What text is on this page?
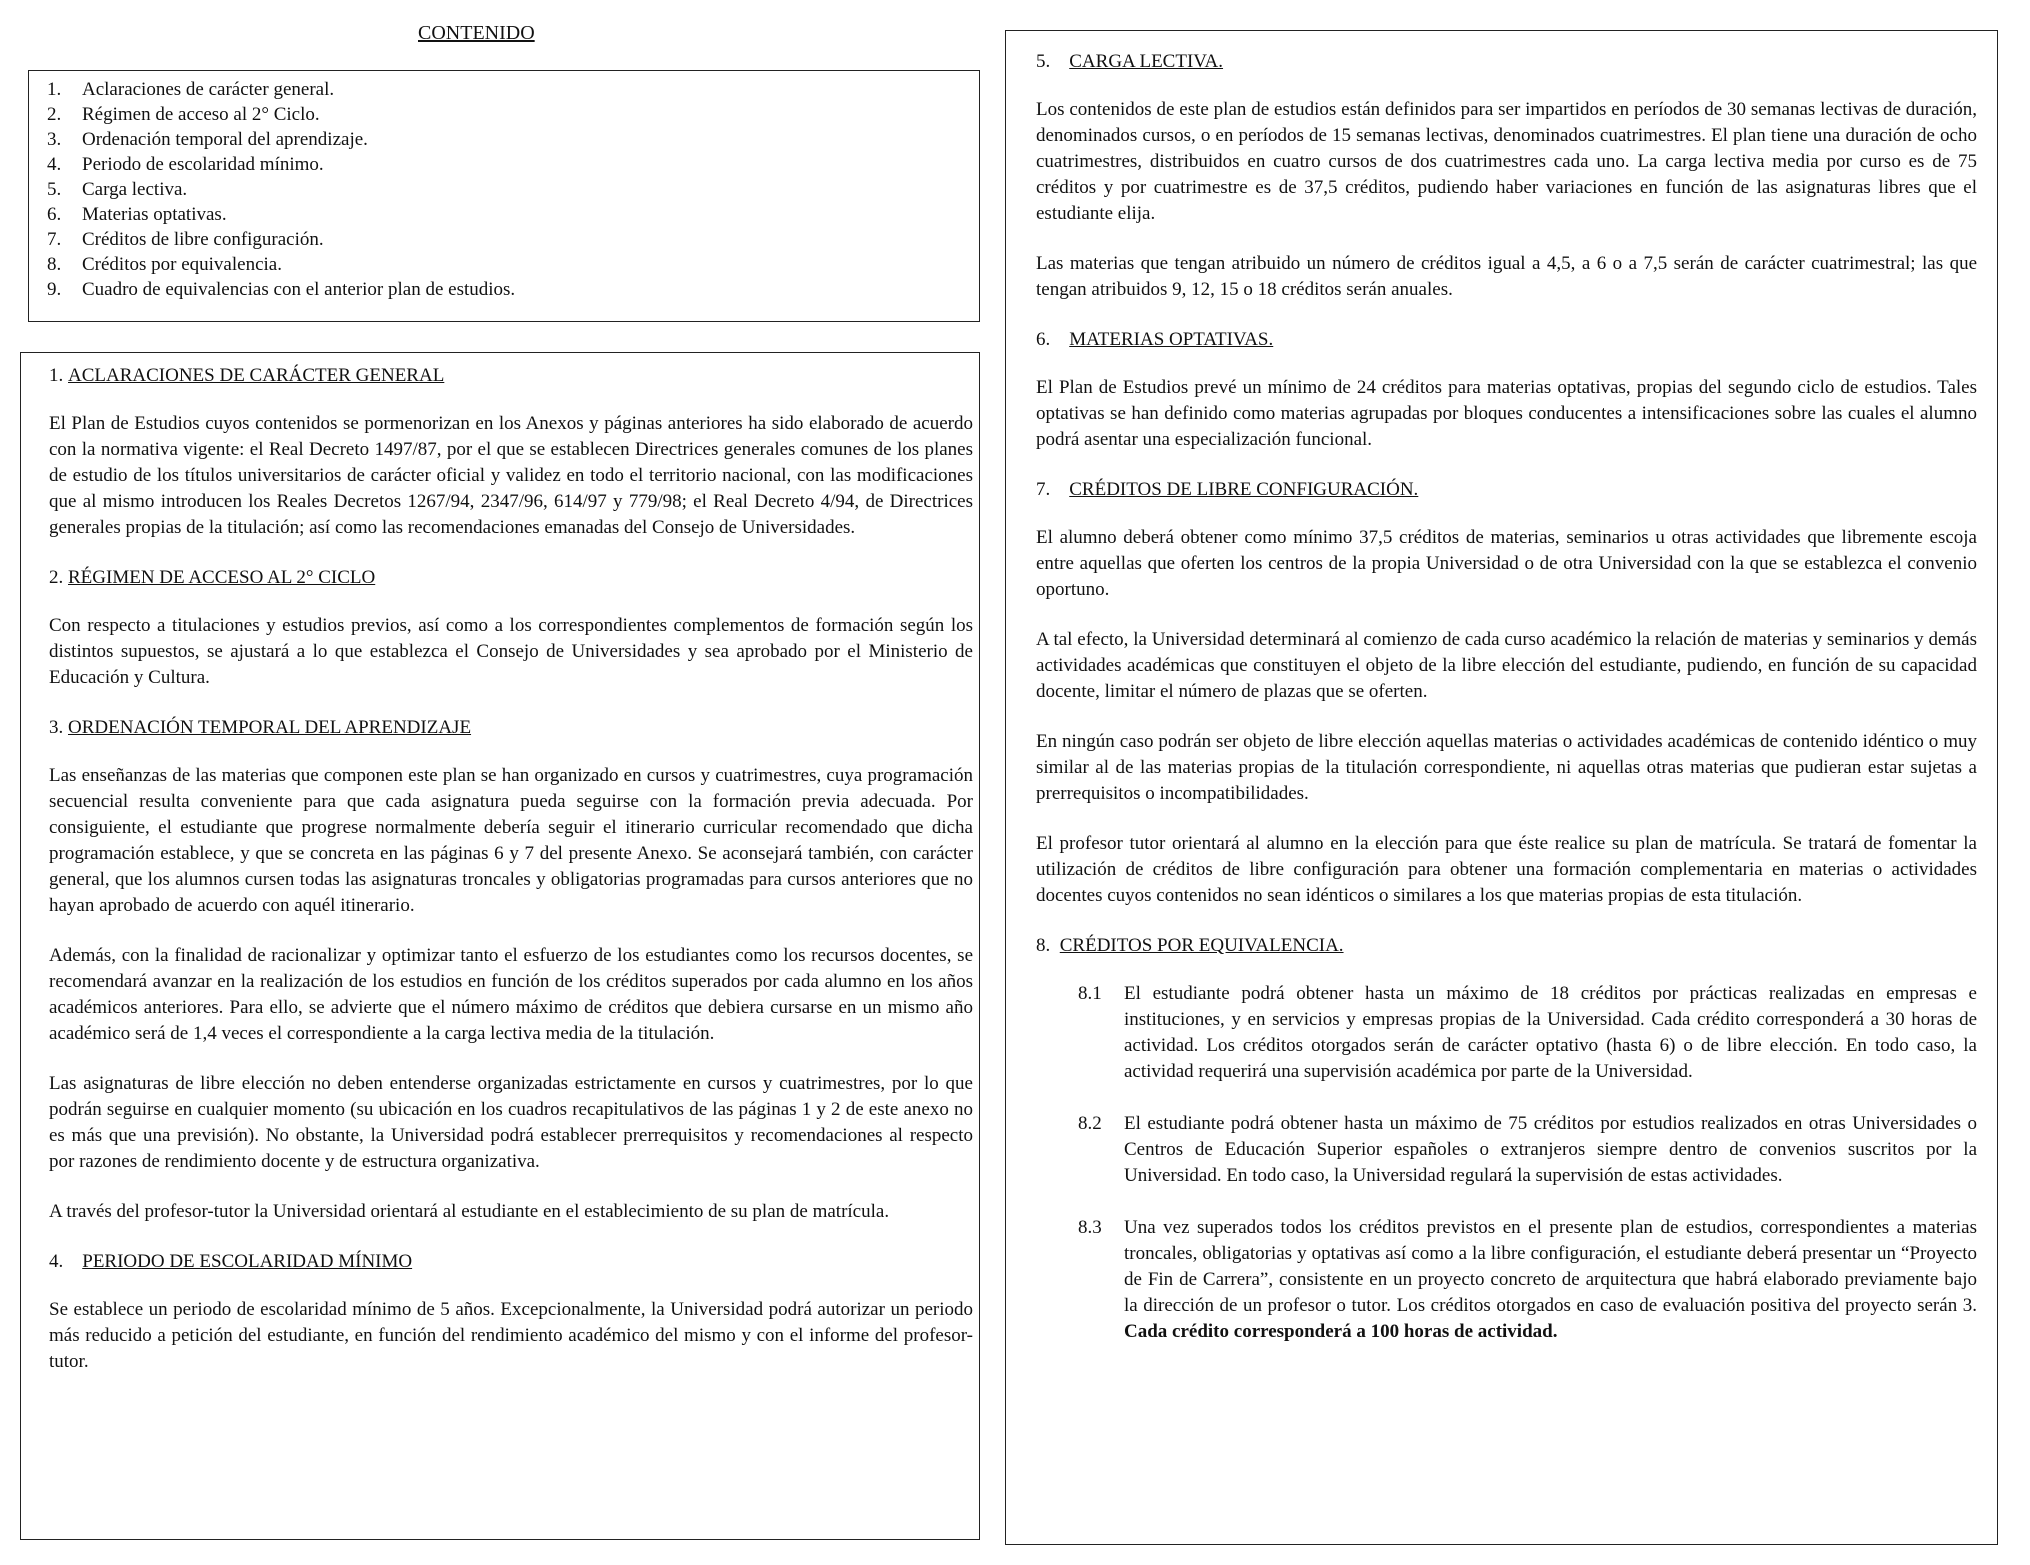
CONTENIDO
1.	Aclaraciones de carácter general.
2.	Régimen de acceso al 2° Ciclo.
3.	Ordenación temporal del aprendizaje.
4.	Periodo de escolaridad mínimo.
5.	Carga lectiva.
6.	Materias optativas.
7.	Créditos de libre configuración.
8.	Créditos por equivalencia.
9.	Cuadro de equivalencias con el anterior plan de estudios.
1. ACLARACIONES DE CARÁCTER GENERAL

El Plan de Estudios cuyos contenidos se pormenorizan en los Anexos y páginas anteriores ha sido elaborado de acuerdo con la normativa vigente: el Real Decreto 1497/87, por el que se establecen Directrices generales comunes de los planes de estudio de los títulos universitarios de carácter oficial y validez en todo el territorio nacional, con las modificaciones que al mismo introducen los Reales Decretos 1267/94, 2347/96, 614/97 y 779/98; el Real Decreto 4/94, de Directrices generales propias de la titulación; así como las recomendaciones emanadas del Consejo de Universidades.

2. RÉGIMEN DE ACCESO AL 2° CICLO

Con respecto a titulaciones y estudios previos, así como a los correspondientes complementos de formación según los distintos supuestos, se ajustará a lo que establezca el Consejo de Universidades y sea aprobado por el Ministerio de Educación y Cultura.

3. ORDENACIÓN TEMPORAL DEL APRENDIZAJE

Las enseñanzas de las materias que componen este plan se han organizado en cursos y cuatrimestres, cuya programación secuencial resulta conveniente para que cada asignatura pueda seguirse con la formación previa adecuada. Por consiguiente, el estudiante que progrese normalmente debería seguir el itinerario curricular recomendado que dicha programación establece, y que se concreta en las páginas 6 y 7 del presente Anexo. Se aconsejará también, con carácter general, que los alumnos cursen todas las asignaturas troncales y obligatorias programadas para cursos anteriores que no hayan aprobado de acuerdo con aquél itinerario.

Además, con la finalidad de racionalizar y optimizar tanto el esfuerzo de los estudiantes como los recursos docentes, se recomendará avanzar en la realización de los estudios en función de los créditos superados por cada alumno en los años académicos anteriores. Para ello, se advierte que el número máximo de créditos que debiera cursarse en un mismo año académico será de 1,4 veces el correspondiente a la carga lectiva media de la titulación.

Las asignaturas de libre elección no deben entenderse organizadas estrictamente en cursos y cuatrimestres, por lo que podrán seguirse en cualquier momento (su ubicación en los cuadros recapitulativos de las páginas 1 y 2 de este anexo no es más que una previsión). No obstante, la Universidad podrá establecer prerrequisitos y recomendaciones al respecto por razones de rendimiento docente y de estructura organizativa.

A través del profesor-tutor la Universidad orientará al estudiante en el establecimiento de su plan de matrícula.

4. PERIODO DE ESCOLARIDAD MÍNIMO

Se establece un periodo de escolaridad mínimo de 5 años. Excepcionalmente, la Universidad podrá autorizar un periodo más reducido a petición del estudiante, en función del rendimiento académico del mismo y con el informe del profesor-tutor.

5. CARGA LECTIVA.

Los contenidos de este plan de estudios están definidos para ser impartidos en períodos de 30 semanas lectivas de duración, denominados cursos, o en períodos de 15 semanas lectivas, denominados cuatrimestres. El plan tiene una duración de ocho cuatrimestres, distribuidos en cuatro cursos de dos cuatrimestres cada uno. La carga lectiva media por curso es de 75 créditos y por cuatrimestre es de 37,5 créditos, pudiendo haber variaciones en función de las asignaturas libres que el estudiante elija.

Las materias que tengan atribuido un número de créditos igual a 4,5, a 6 o a 7,5 serán de carácter cuatrimestral; las que tengan atribuidos 9, 12, 15 o 18 créditos serán anuales.

6. MATERIAS OPTATIVAS.

El Plan de Estudios prevé un mínimo de 24 créditos para materias optativas, propias del segundo ciclo de estudios. Tales optativas se han definido como materias agrupadas por bloques conducentes a intensificaciones sobre las cuales el alumno podrá asentar una especialización funcional.

7. CRÉDITOS DE LIBRE CONFIGURACIÓN.

El alumno deberá obtener como mínimo 37,5 créditos de materias, seminarios u otras actividades que libremente escoja entre aquellas que oferten los centros de la propia Universidad o de otra Universidad con la que se establezca el convenio oportuno.

A tal efecto, la Universidad determinará al comienzo de cada curso académico la relación de materias y seminarios y demás actividades académicas que constituyen el objeto de la libre elección del estudiante, pudiendo, en función de su capacidad docente, limitar el número de plazas que se oferten.

En ningún caso podrán ser objeto de libre elección aquellas materias o actividades académicas de contenido idéntico o muy similar al de las materias propias de la titulación correspondiente, ni aquellas otras materias que pudieran estar sujetas a prerrequisitos o incompatibilidades.

El profesor tutor orientará al alumno en la elección para que éste realice su plan de matrícula. Se tratará de fomentar la utilización de créditos de libre configuración para obtener una formación complementaria en materias o actividades docentes cuyos contenidos no sean idénticos o similares a los que materias propias de esta titulación.

8. CRÉDITOS POR EQUIVALENCIA.
8.1	El estudiante podrá obtener hasta un máximo de 18 créditos por prácticas realizadas en empresas e instituciones, y en servicios y empresas propias de la Universidad. Cada crédito corresponderá a 30 horas de actividad. Los créditos otorgados serán de carácter optativo (hasta 6) o de libre elección. En todo caso, la actividad requerirá una supervisión académica por parte de la Universidad.
8.2	El estudiante podrá obtener hasta un máximo de 75 créditos por estudios realizados en otras Universidades o Centros de Educación Superior españoles o extranjeros siempre dentro de convenios suscritos por la Universidad. En todo caso, la Universidad regulará la supervisión de estas actividades.
8.3	Una vez superados todos los créditos previstos en el presente plan de estudios, correspondientes a materias troncales, obligatorias y optativas así como a la libre configuración, el estudiante deberá presentar un “Proyecto de Fin de Carrera”, consistente en un proyecto concreto de arquitectura que habrá elaborado previamente bajo la dirección de un profesor o tutor. Los créditos otorgados en caso de evaluación positiva del proyecto serán 3. Cada crédito corresponderá a 100 horas de actividad.
